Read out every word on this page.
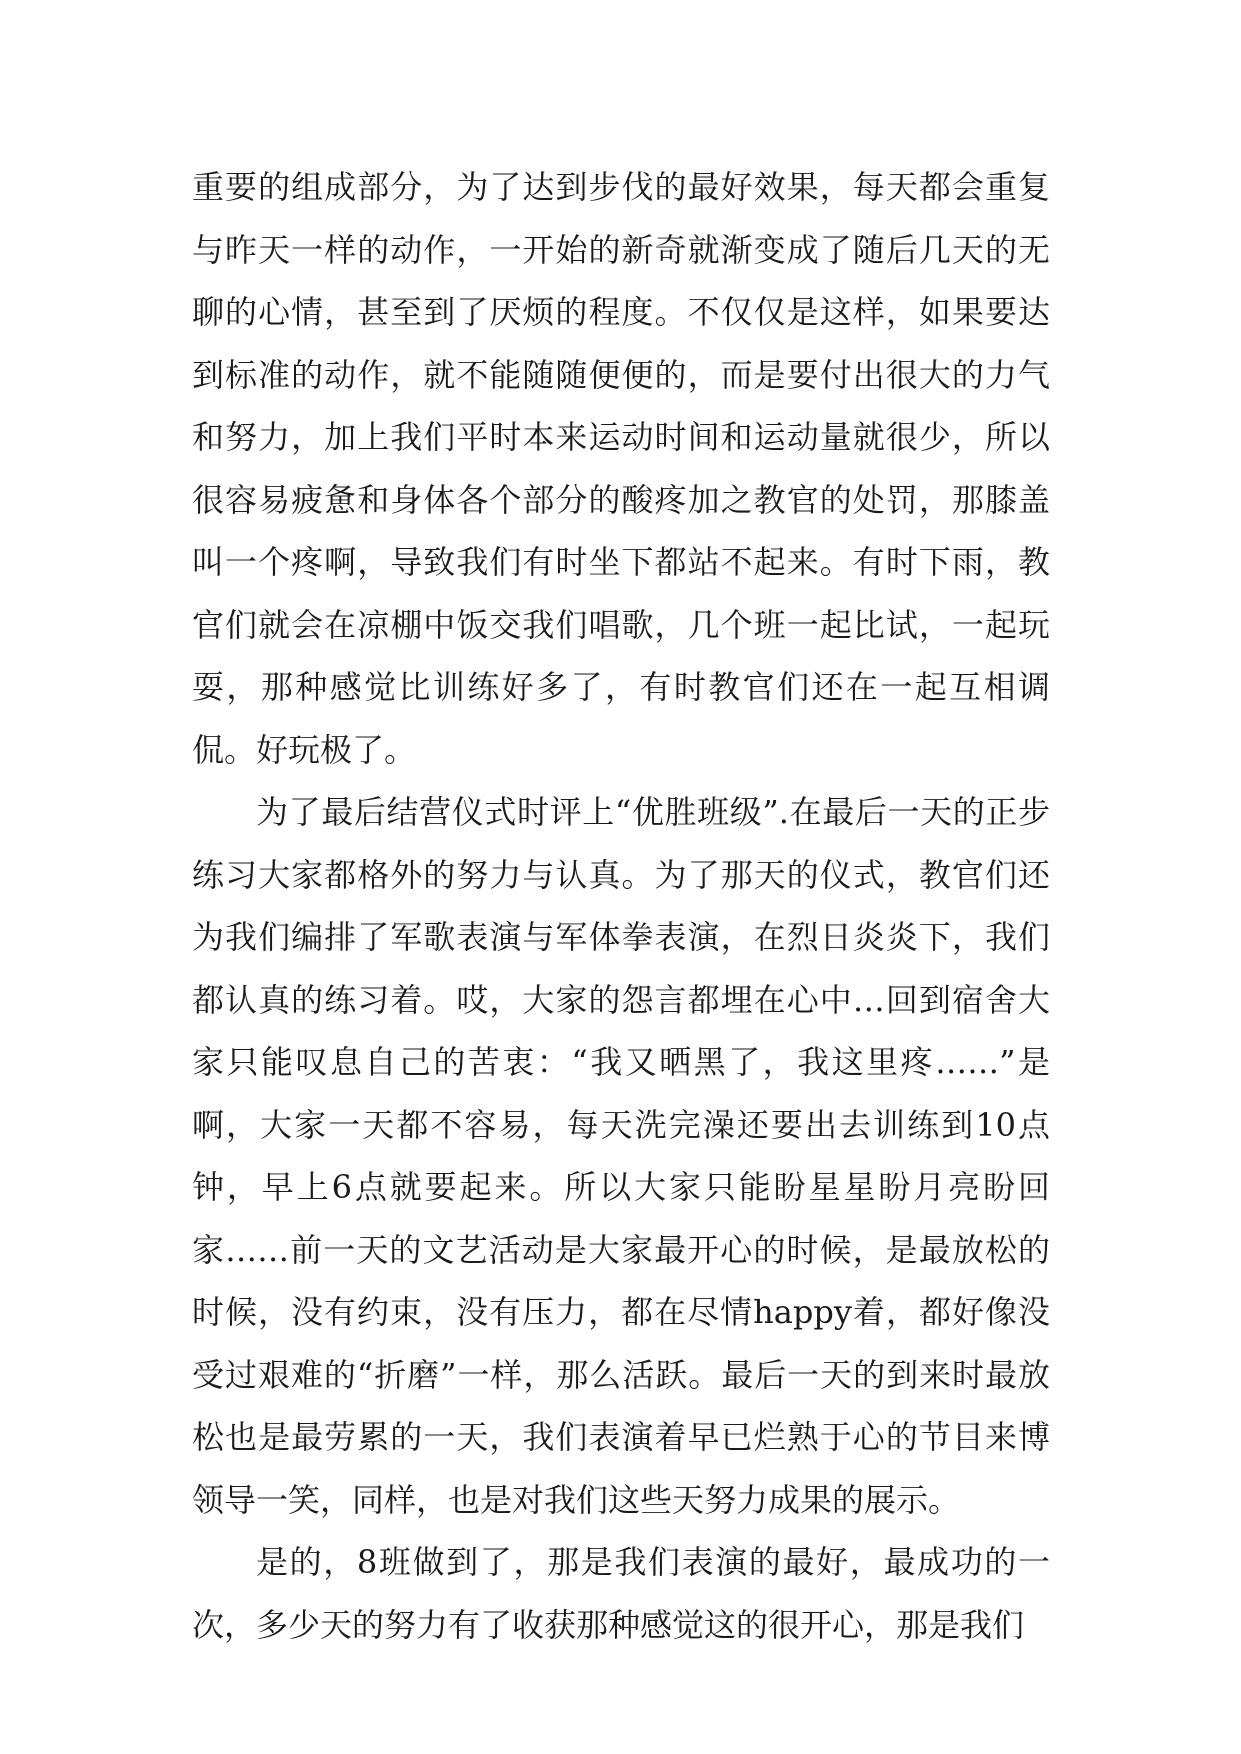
重要的组成部分，为了达到步伐的最好效果，每天都会重复与昨天一样的动作，一开始的新奇就渐变成了随后几天的无聊的心情，甚至到了厌烦的程度。不仅仅是这样，如果要达到标准的动作，就不能随随便便的，而是要付出很大的力气和努力，加上我们平时本来运动时间和运动量就很少，所以很容易疲惫和身体各个部分的酸疼加之教官的处罚，那膝盖叫一个疼啊，导致我们有时坐下都站不起来。有时下雨，教官们就会在凉棚中饭交我们唱歌，几个班一起比试，一起玩耍，那种感觉比训练好多了，有时教官们还在一起互相调侃。好玩极了。

为了最后结营仪式时评上“优胜班级”.在最后一天的正步练习大家都格外的努力与认真。为了那天的仪式，教官们还为我们编排了军歌表演与军体拳表演，在烈日炎炎下，我们都认真的练习着。哎，大家的怨言都埋在心中…回到宿舍大家只能叹息自己的苦衷：“我又晒黑了，我这里疼……”是啊，大家一天都不容易，每天洗完澡还要出去训练到10点钟，早上6点就要起来。所以大家只能盼星星盼月亮盼回家……前一天的文艺活动是大家最开心的时候，是最放松的时候，没有约束，没有压力，都在尽情happy着，都好像没受过艰难的“折磨”一样，那么活跃。最后一天的到来时最放松也是最劳累的一天，我们表演着早已烂熟于心的节目来博领导一笑，同样，也是对我们这些天努力成果的展示。

是的，8班做到了，那是我们表演的最好，最成功的一次，多少天的努力有了收获那种感觉这的很开心，那是我们
